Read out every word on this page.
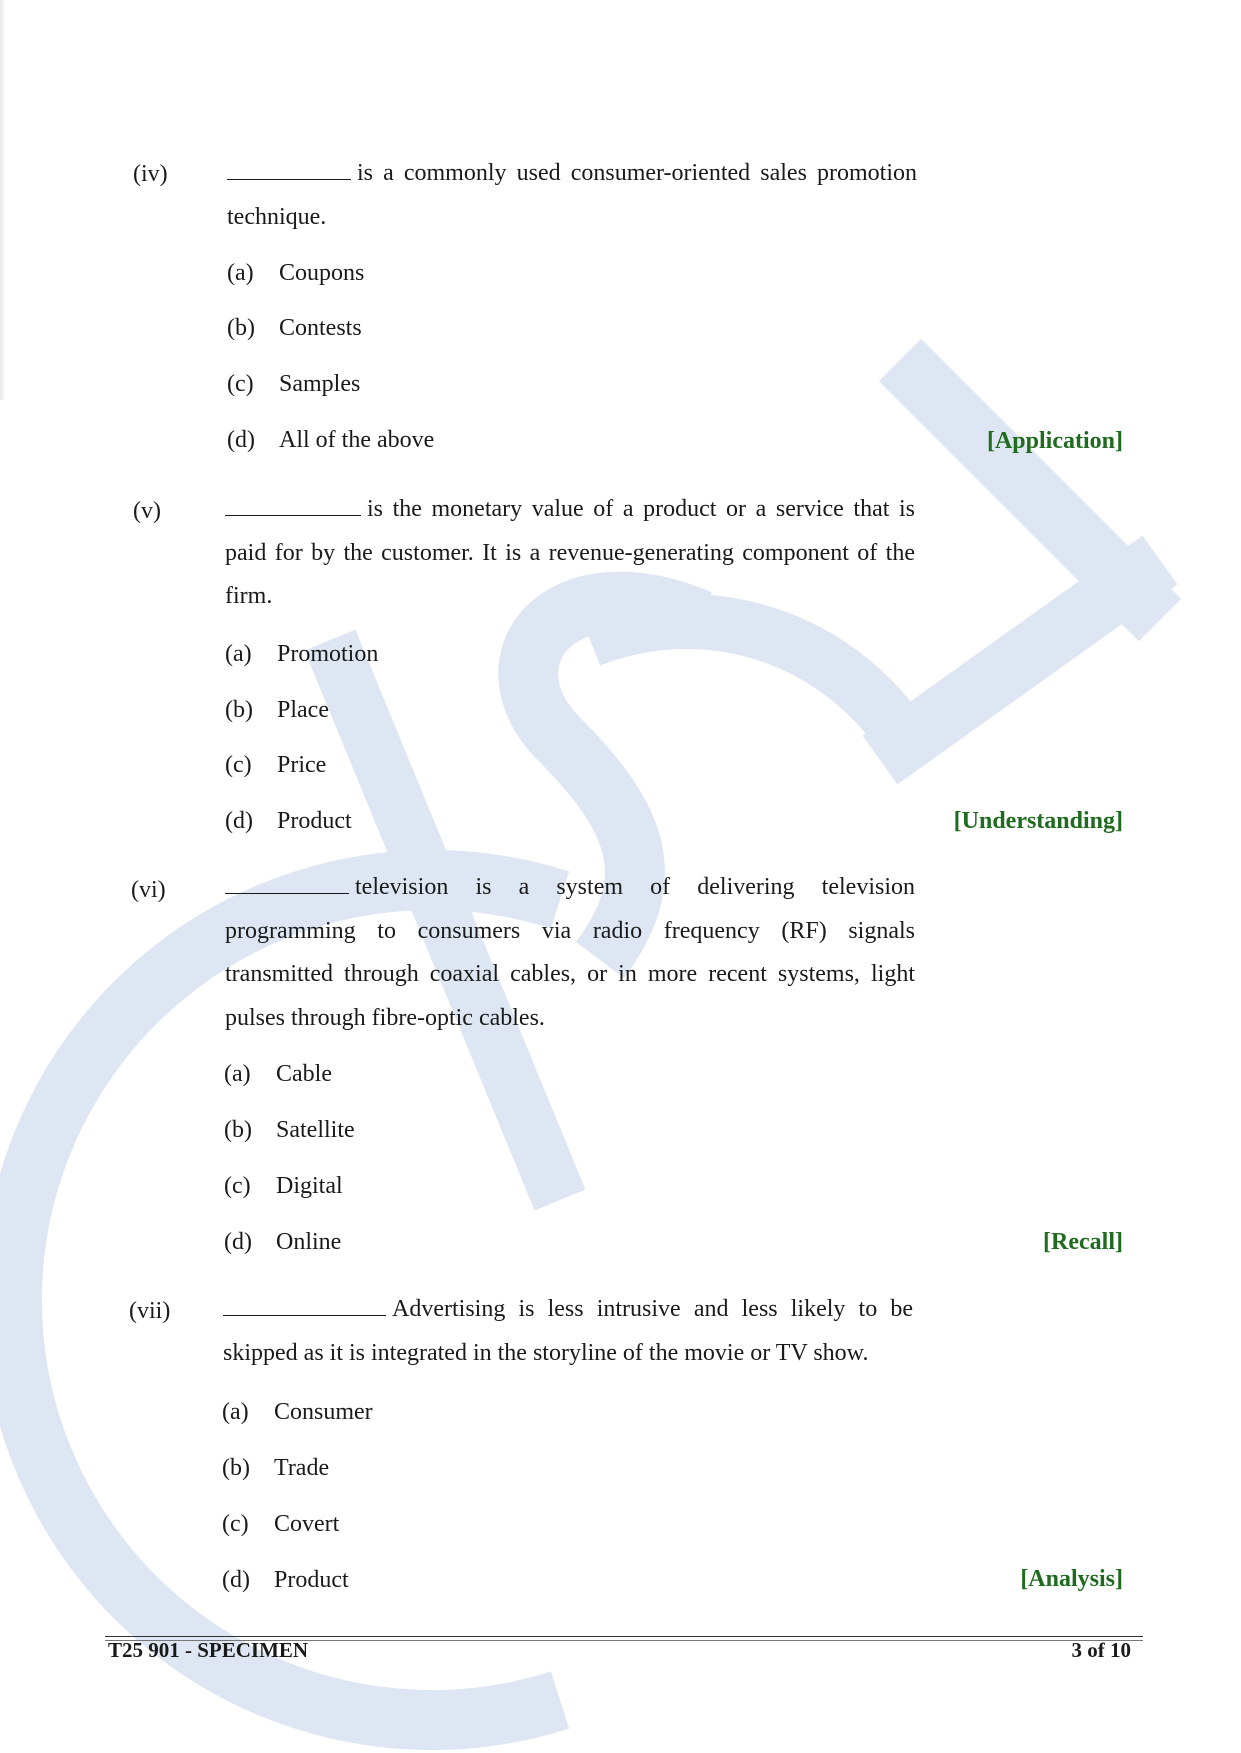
(iv)	is a commonly used consumer-oriented sales promotion technique.
(a) Coupons
(b) Contests
(c) Samples
(d) All of the above	[Application]
(v)	is the monetary value of a product or a service that is paid for by the customer. It is a revenue-generating component of the firm.
(a) Promotion
(b) Place
(c) Price
(d) Product	[Understanding]
(vi)	television is a system of delivering television programming to consumers via radio frequency (RF) signals transmitted through coaxial cables, or in more recent systems, light pulses through fibre-optic cables.
(a) Cable
(b) Satellite
(c) Digital
(d) Online	[Recall]
(vii)	Advertising is less intrusive and less likely to be skipped as it is integrated in the storyline of the movie or TV show.
(a) Consumer
(b) Trade
(c) Covert
(d) Product	[Analysis]
T25 901 - SPECIMEN	3 of 10
